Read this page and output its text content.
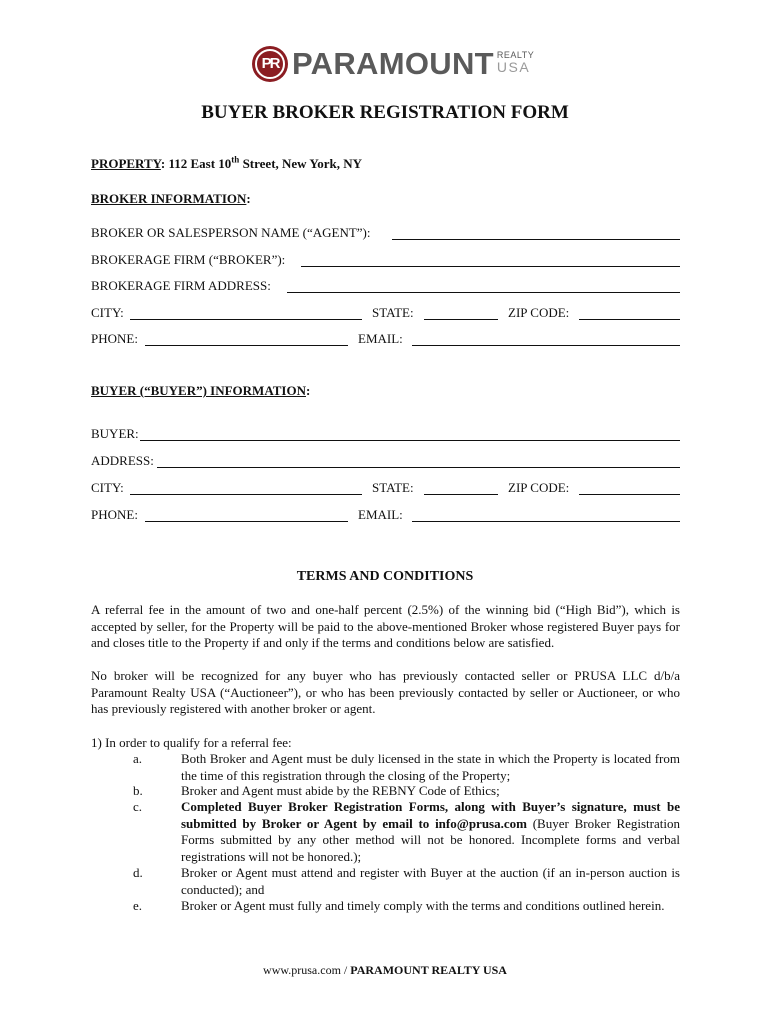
PR PARAMOUNT REALTY
USA
BUYER BROKER REGISTRATION FORM
PROPERTY: 112 East 10th Street, New York, NY
BROKER INFORMATION:
BROKER OR SALESPERSON NAME (“AGENT”):
BROKERAGE FIRM (“BROKER”):
BROKERAGE FIRM ADDRESS:
CITY:	STATE:	ZIP CODE:
PHONE:	EMAIL:
BUYER (“BUYER”) INFORMATION:
BUYER:
ADDRESS:
CITY:	STATE:	ZIP CODE:
PHONE:	EMAIL:
TERMS AND CONDITIONS
A referral fee in the amount of two and one-half percent (2.5%) of the winning bid (“High Bid”), which is accepted by seller, for the Property will be paid to the above-mentioned Broker whose registered Buyer pays for and closes title to the Property if and only if the terms and conditions below are satisfied.
No broker will be recognized for any buyer who has previously contacted seller or PRUSA LLC d/b/a Paramount Realty USA (“Auctioneer”), or who has been previously contacted by seller or Auctioneer, or who has previously registered with another broker or agent.
1) In order to qualify for a referral fee:
a.	Both Broker and Agent must be duly licensed in the state in which the Property is located from the time of this registration through the closing of the Property;
b.	Broker and Agent must abide by the REBNY Code of Ethics;
c.	Completed Buyer Broker Registration Forms, along with Buyer’s signature, must be submitted by Broker or Agent by email to info@prusa.com (Buyer Broker Registration Forms submitted by any other method will not be honored. Incomplete forms and verbal registrations will not be honored.);
d.	Broker or Agent must attend and register with Buyer at the auction (if an in-person auction is conducted); and
e.	Broker or Agent must fully and timely comply with the terms and conditions outlined herein.
www.prusa.com / PARAMOUNT REALTY USA
